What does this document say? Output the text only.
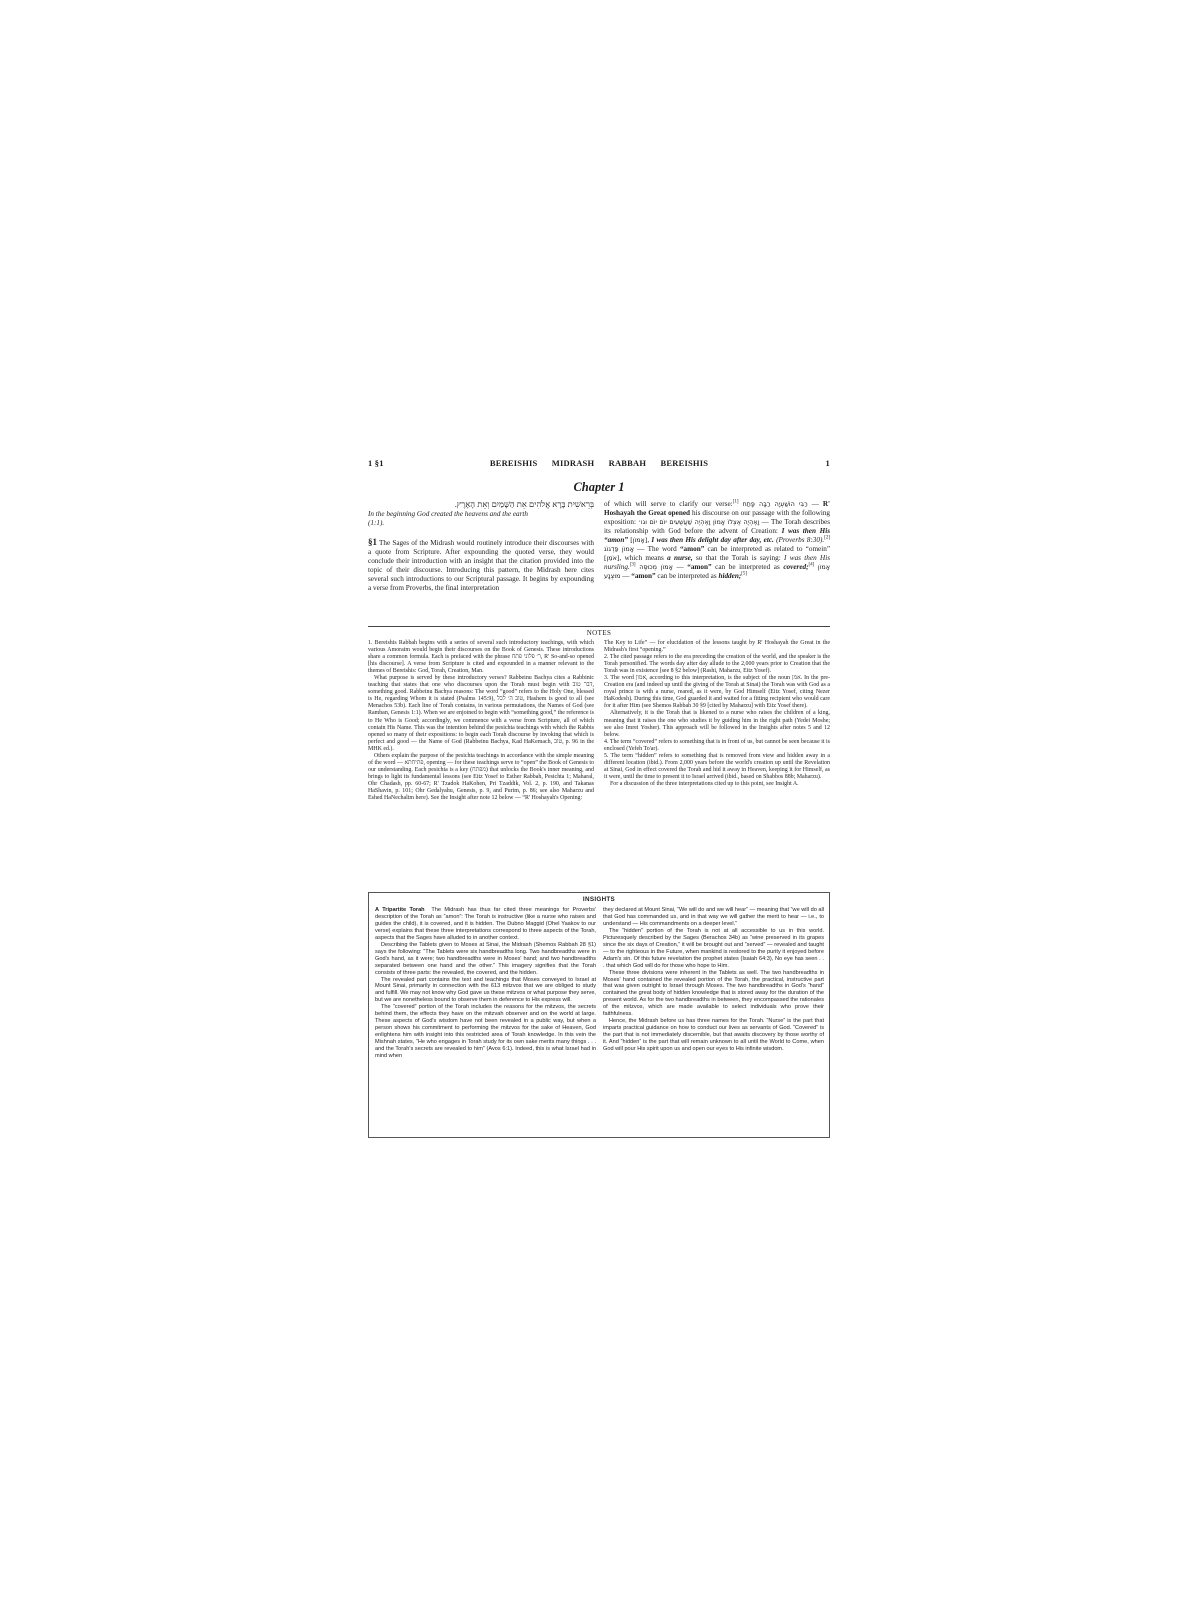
1 §1	BEREISHIS MIDRASH RABBAH BEREISHIS	1
Chapter 1

בְּרֵאשִׁית בָּרָא אֱלֹהִים אֵת הַשָּׁמַיִם וְאֵת הָאָרֶץ.

In the beginning God created the heavens and the earth
(1:1).

§1 The Sages of the Midrash would routinely introduce their discourses with a quote from Scripture. After expounding the quoted verse, they would conclude their introduction with an insight that the citation provided into the topic of their discourse. Introducing this pattern, the Midrash here cites several such introductions to our Scriptural passage. It begins by expounding a verse from Proverbs, the final interpretation

of which will serve to clarify our verse:[1] רַבִּי הוֹשַׁעְיָה רַבָּה פָּתַח — R' Hoshayah the Great opened his discourse on our passage with the following exposition: וָאֶהְיֶה אֶצְלוֹ אָמוֹן וָאֶהְיֶה שַׁעֲשֻׁעִים יוֹם יוֹם וגו׳ — The Torah describes its relationship with God before the advent of Creation: I was then His “amon” [אָמוֹן], I was then His delight day after day, etc. (Proverbs 8:30).[2] אָמוֹן פַּדְגוֹג — The word “amon” can be interpreted as related to “omein” [אֹמֵן], which means a nurse, so that the Torah is saying: I was then His nursling.[3] אָמוֹן מְכוּסֶּה — “amon” can be interpreted as covered;[4] אָמוֹן מוּצְנָע — “amon” can be interpreted as hidden;[5]

NOTES

1. Bereishis Rabbah begins with a series of several such introductory teachings, with which various Amoraim would begin their discourses on the Book of Genesis. These introductions share a common formula. Each is prefaced with the phrase ר׳ פלוני פתח, R' So-and-so opened [his discourse]. A verse from Scripture is cited and expounded in a manner relevant to the themes of Bereishis: God, Torah, Creation, Man.

What purpose is served by these introductory verses? Rabbeinu Bachya cites a Rabbinic teaching that states that one who discourses upon the Torah must begin with דבר טוב, something good. Rabbeinu Bachya reasons: The word “good” refers to the Holy One, blessed is He, regarding Whom it is stated (Psalms 145:9), טוב ה׳ לכל, Hashem is good to all (see Menachos 53b). Each line of Torah contains, in various permutations, the Names of God (see Ramban, Genesis 1:1). When we are enjoined to begin with “something good,” the reference is to He Who is Good; accordingly, we commence with a verse from Scripture, all of which contain His Name. This was the intention behind the pesichta teachings with which the Rabbis opened so many of their expositions: to begin each Torah discourse by invoking that which is perfect and good — the Name of God (Rabbeinu Bachya, Kad HaKemach, טוב, p. 96 in the MHK ed.).

Others explain the purpose of the pesichta teachings in accordance with the simple meaning of the word — פתיחתא, opening — for these teachings serve to “open” the Book of Genesis to our understanding. Each pesichta is a key (מפתח) that unlocks the Book's inner meaning, and brings to light its fundamental lessons (see Eitz Yosef to Esther Rabbah, Pesichta 1; Maharal, Ohr Chadash, pp. 60-67; R' Tzadok HaKohen, Pri Tzaddik, Vol. 2, p. 190, and Takanas HaShavin, p. 101; Ohr Gedalyahu, Genesis, p. 9, and Purim, p. 86; see also Maharzu and Eshed HaNechalim here). See the Insight after note 12 below — “R' Hoshayah's Opening:

The Key to Life” — for elucidation of the lessons taught by R' Hoshayah the Great in the Midrash's first “opening.”

2. The cited passage refers to the era preceding the creation of the world, and the speaker is the Torah personified. The words day after day allude to the 2,000 years prior to Creation that the Torah was in existence [see 8 §2 below] (Rashi, Maharzu, Eitz Yosef).

3. The word אמון, according to this interpretation, is the subject of the noun אמן. In the pre-Creation era (and indeed up until the giving of the Torah at Sinai) the Torah was with God as a royal prince is with a nurse, reared, as it were, by God Himself (Eitz Yosef, citing Nezer HaKodesh). During this time, God guarded it and waited for a fitting recipient who would care for it after Him (see Shemos Rabbah 30 §9 [cited by Maharzu] with Eitz Yosef there).

Alternatively, it is the Torah that is likened to a nurse who raises the children of a king, meaning that it raises the one who studies it by guiding him in the right path (Yedei Moshe; see also Imrei Yosher). This approach will be followed in the Insights after notes 5 and 12 below.

4. The term “covered” refers to something that is in front of us, but cannot be seen because it is enclosed (Yefeh To'ar).

5. The term “hidden” refers to something that is removed from view and hidden away in a different location (ibid.). From 2,000 years before the world's creation up until the Revelation at Sinai, God in effect covered the Torah and hid it away in Heaven, keeping it for Himself, as it were, until the time to present it to Israel arrived (ibid., based on Shabbos 88b; Maharzu).

For a discussion of the three interpretations cited up to this point, see Insight A.

INSIGHTS

A Tripartite Torah The Midrash has thus far cited three meanings for Proverbs' description of the Torah as “amon”: The Torah is instructive (like a nurse who raises and guides the child), it is covered, and it is hidden. The Dubno Maggid (Ohel Yaakov to our verse) explains that these three interpretations correspond to three aspects of the Torah, aspects that the Sages have alluded to in another context.

Describing the Tablets given to Moses at Sinai, the Midrash (Shemos Rabbah 28 §1) says the following: “The Tablets were six handbreadths long. Two handbreadths were in God's hand, as it were; two handbreadths were in Moses' hand; and two handbreadths separated between one hand and the other.” This imagery signifies that the Torah consists of three parts: the revealed, the covered, and the hidden.

The revealed part contains the text and teachings that Moses conveyed to Israel at Mount Sinai, primarily in connection with the 613 mitzvos that we are obliged to study and fulfill. We may not know why God gave us these mitzvos or what purpose they serve, but we are nonetheless bound to observe them in deference to His express will.

The “covered” portion of the Torah includes the reasons for the mitzvos, the secrets behind them, the effects they have on the mitzvah observer and on the world at large. These aspects of God's wisdom have not been revealed in a public way, but when a person shows his commitment to performing the mitzvos for the sake of Heaven, God enlightens him with insight into this restricted area of Torah knowledge. In this vein the Mishnah states, “He who engages in Torah study for its own sake merits many things . . . and the Torah's secrets are revealed to him” (Avos 6:1). Indeed, this is what Israel had in mind when

they declared at Mount Sinai, “We will do and we will hear” — meaning that “we will do all that God has commanded us, and in that way we will gather the merit to hear — i.e., to understand — His commandments on a deeper level.”

The “hidden” portion of the Torah is not at all accessible to us in this world. Picturesquely described by the Sages (Berachos 34b) as “wine preserved in its grapes since the six days of Creation,” it will be brought out and “served” — revealed and taught — to the righteous in the Future, when mankind is restored to the purity it enjoyed before Adam's sin. Of this future revelation the prophet states (Isaiah 64:3), No eye has seen . . . that which God will do for those who hope to Him.

These three divisions were inherent in the Tablets as well. The two handbreadths in Moses' hand contained the revealed portion of the Torah, the practical, instructive part that was given outright to Israel through Moses. The two handbreadths in God's “hand” contained the great body of hidden knowledge that is stored away for the duration of the present world. As for the two handbreadths in between, they encompassed the rationales of the mitzvos, which are made available to select individuals who prove their faithfulness.

Hence, the Midrash before us has three names for the Torah. “Nurse” is the part that imparts practical guidance on how to conduct our lives as servants of God. “Covered” is the part that is not immediately discernible, but that awaits discovery by those worthy of it. And “hidden” is the part that will remain unknown to all until the World to Come, when God will pour His spirit upon us and open our eyes to His infinite wisdom.
